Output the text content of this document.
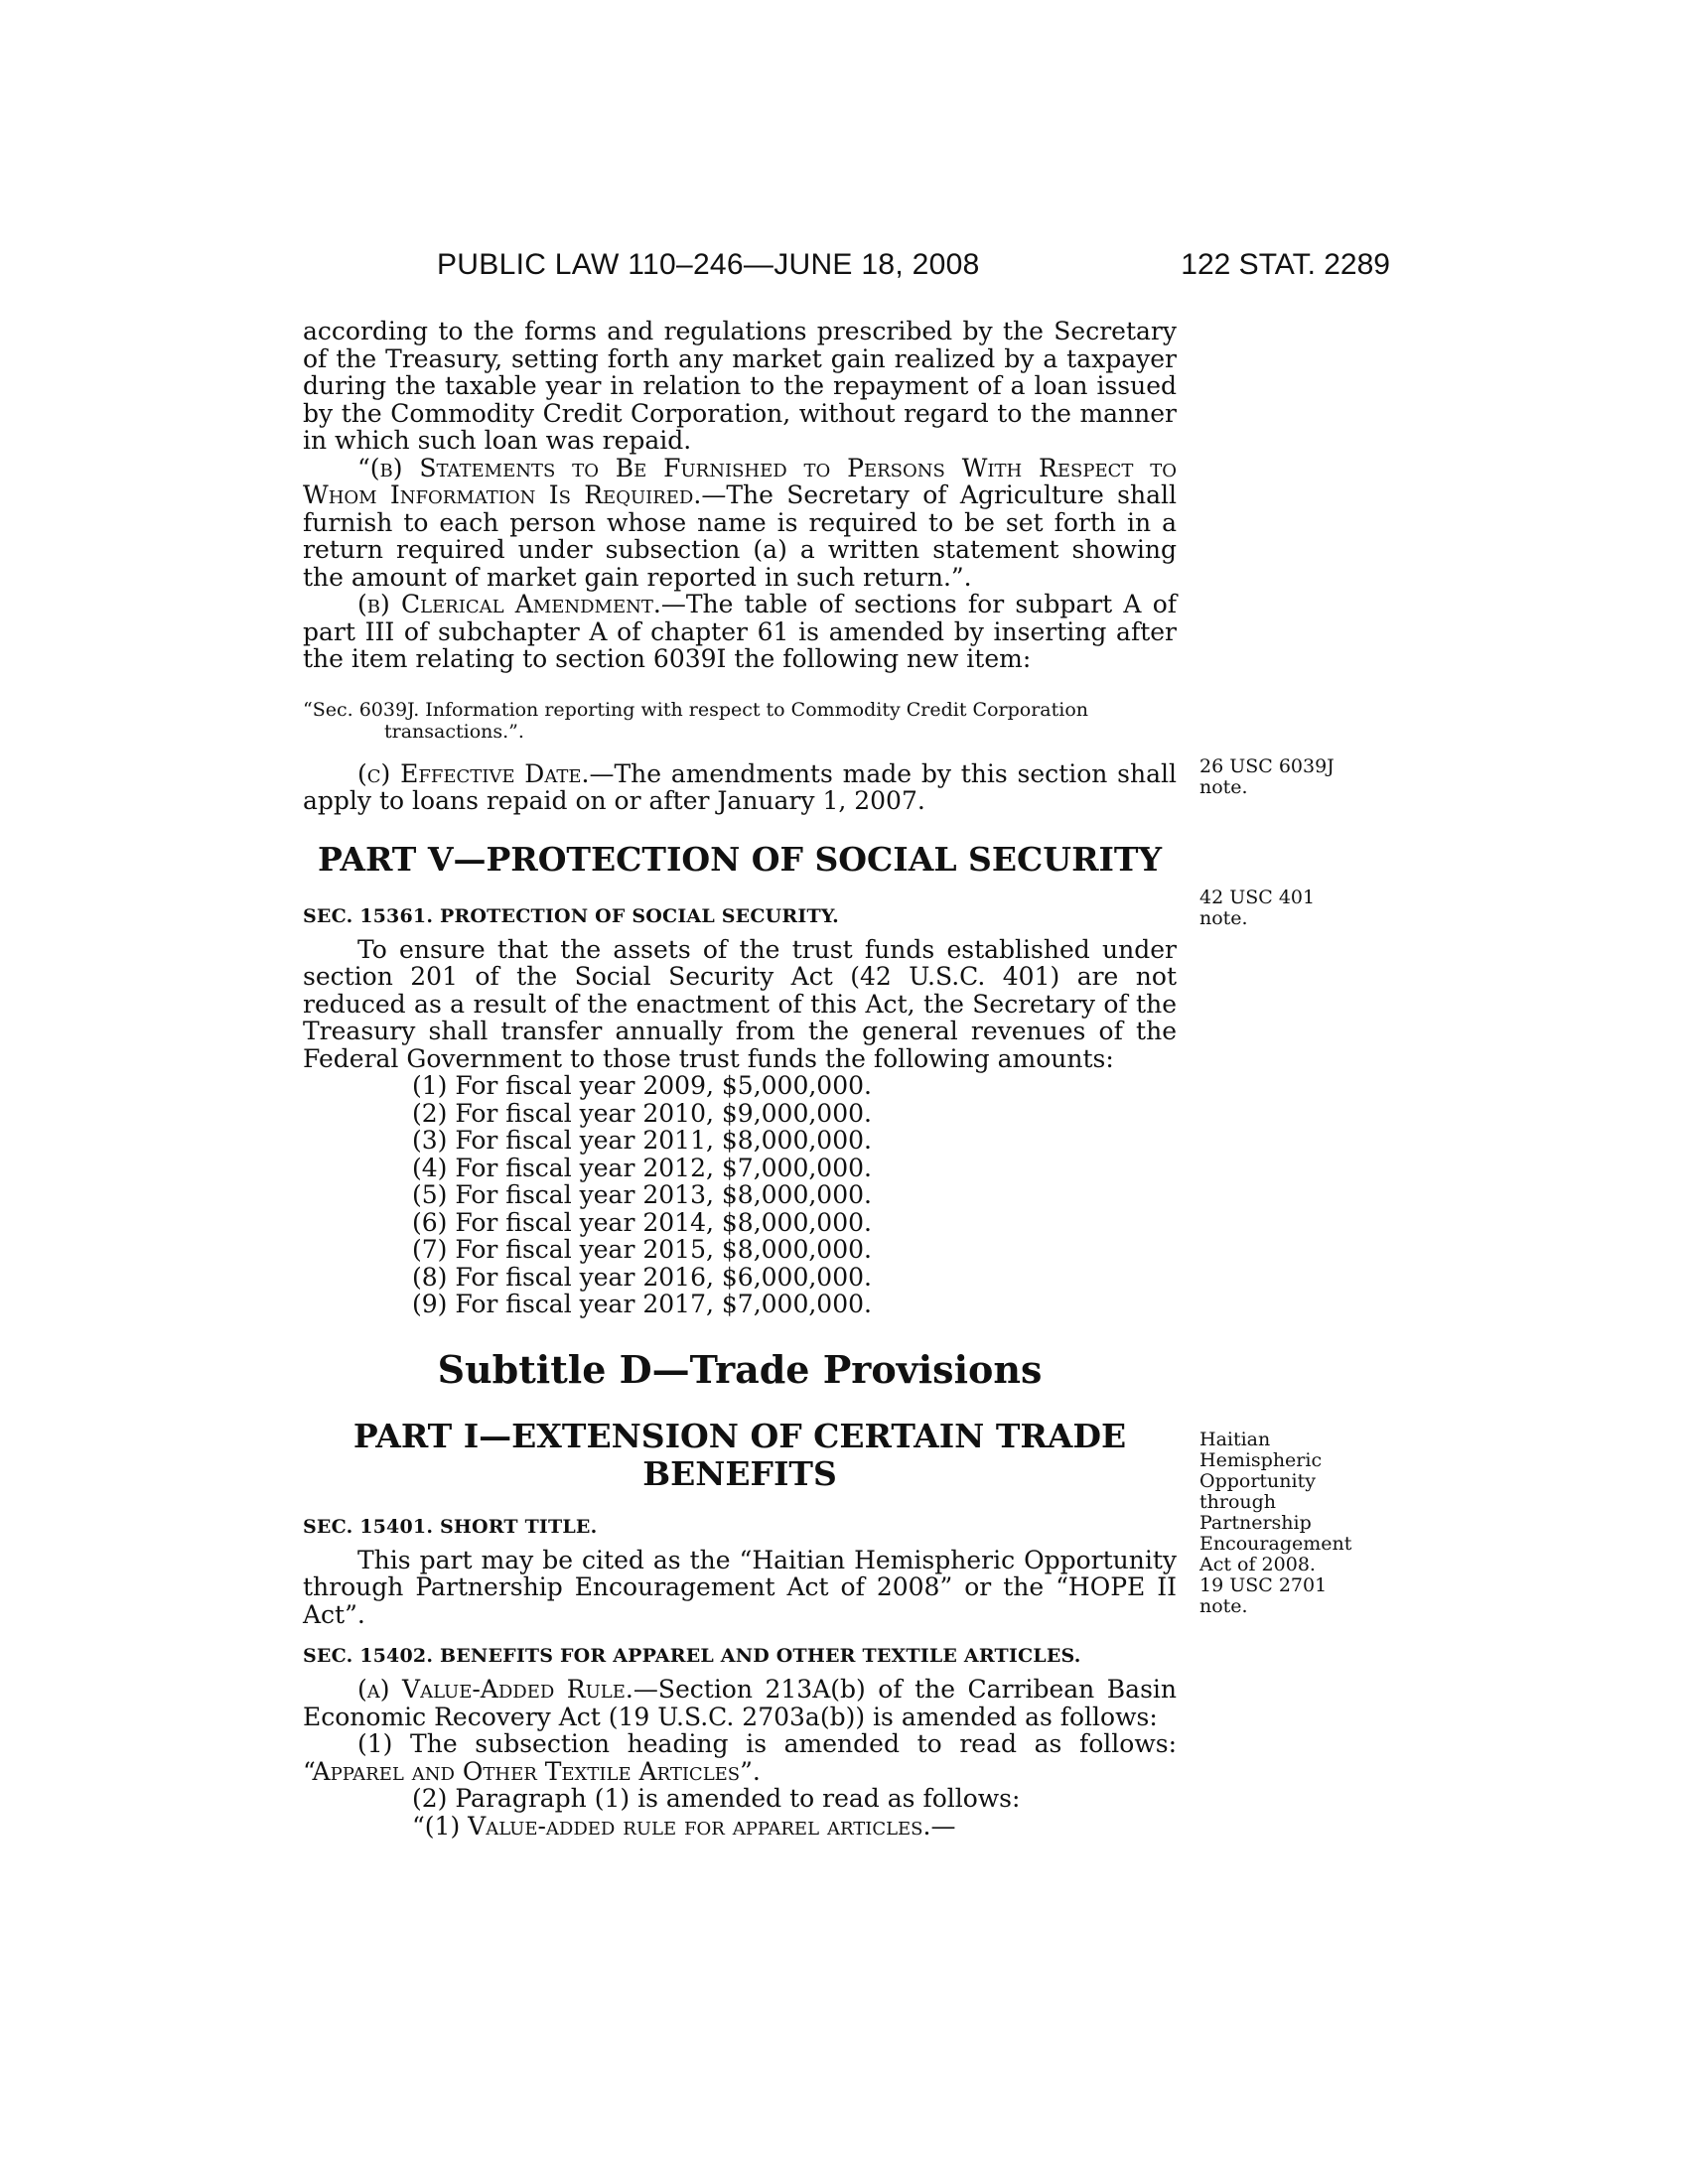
PUBLIC LAW 110–246—JUNE 18, 2008	122 STAT. 2289

according to the forms and regulations prescribed by the Secretary of the Treasury, setting forth any market gain realized by a taxpayer during the taxable year in relation to the repayment of a loan issued by the Commodity Credit Corporation, without regard to the manner in which such loan was repaid.

“(b) Statements to Be Furnished to Persons With Respect to Whom Information Is Required.—The Secretary of Agriculture shall furnish to each person whose name is required to be set forth in a return required under subsection (a) a written statement showing the amount of market gain reported in such return.”.

(b) Clerical Amendment.—The table of sections for subpart A of part III of subchapter A of chapter 61 is amended by inserting after the item relating to section 6039I the following new item:

“Sec. 6039J. Information reporting with respect to Commodity Credit Corporation
transactions.”.

(c) Effective Date.—The amendments made by this section shall apply to loans repaid on or after January 1, 2007.

PART V—PROTECTION OF SOCIAL SECURITY
SEC. 15361. PROTECTION OF SOCIAL SECURITY.

To ensure that the assets of the trust funds established under section 201 of the Social Security Act (42 U.S.C. 401) are not reduced as a result of the enactment of this Act, the Secretary of the Treasury shall transfer annually from the general revenues of the Federal Government to those trust funds the following amounts:

(1) For fiscal year 2009, $5,000,000.
(2) For fiscal year 2010, $9,000,000.
(3) For fiscal year 2011, $8,000,000.
(4) For fiscal year 2012, $7,000,000.
(5) For fiscal year 2013, $8,000,000.
(6) For fiscal year 2014, $8,000,000.
(7) For fiscal year 2015, $8,000,000.
(8) For fiscal year 2016, $6,000,000.
(9) For fiscal year 2017, $7,000,000.
Subtitle D—Trade Provisions
PART I—EXTENSION OF CERTAIN TRADE
BENEFITS
SEC. 15401. SHORT TITLE.

This part may be cited as the “Haitian Hemispheric Opportunity through Partnership Encouragement Act of 2008” or the “HOPE II Act”.

SEC. 15402. BENEFITS FOR APPAREL AND OTHER TEXTILE ARTICLES.

(a) Value-Added Rule.—Section 213A(b) of the Carribean Basin Economic Recovery Act (19 U.S.C. 2703a(b)) is amended as follows:

(1) The subsection heading is amended to read as follows: “Apparel and Other Textile Articles”.

(2) Paragraph (1) is amended to read as follows:

“(1) Value-added rule for apparel articles.—

26 USC 6039J
note.
42 USC 401 note.
Haitian
Hemispheric
Opportunity
through
Partnership
Encouragement
Act of 2008.
19 USC 2701
note.
